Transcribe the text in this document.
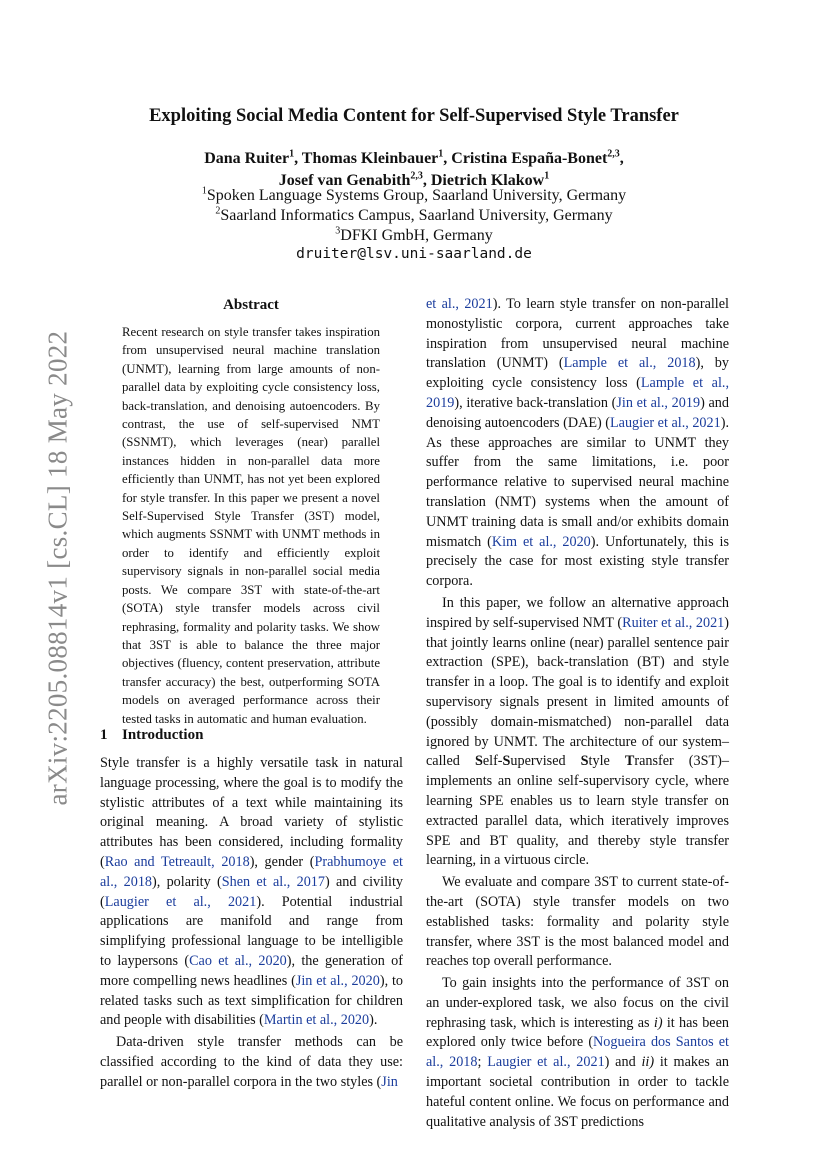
Exploiting Social Media Content for Self-Supervised Style Transfer
Dana Ruiter$^1$, Thomas Kleinbauer$^1$, Cristina España-Bonet$^{2,3}$,
Josef van Genabith$^{2,3}$, Dietrich Klakow$^1$
$^1$Spoken Language Systems Group, Saarland University, Germany
$^2$Saarland Informatics Campus, Saarland University, Germany
$^3$DFKI GmbH, Germany
druiter@lsv.uni-saarland.de
arXiv:2205.08814v1 [cs.CL] 18 May 2022
Abstract
Recent research on style transfer takes inspiration from unsupervised neural machine translation (UNMT), learning from large amounts of non-parallel data by exploiting cycle consistency loss, back-translation, and denoising autoencoders. By contrast, the use of self-supervised NMT (SSNMT), which leverages (near) parallel instances hidden in non-parallel data more efficiently than UNMT, has not yet been explored for style transfer. In this paper we present a novel Self-Supervised Style Transfer (3ST) model, which augments SSNMT with UNMT methods in order to identify and efficiently exploit supervisory signals in non-parallel social media posts. We compare 3ST with state-of-the-art (SOTA) style transfer models across civil rephrasing, formality and polarity tasks. We show that 3ST is able to balance the three major objectives (fluency, content preservation, attribute transfer accuracy) the best, outperforming SOTA models on averaged performance across their tested tasks in automatic and human evaluation.
1 Introduction

Style transfer is a highly versatile task in natural language processing, where the goal is to modify the stylistic attributes of a text while maintaining its original meaning. A broad variety of stylistic attributes has been considered, including formality (Rao and Tetreault, 2018), gender (Prabhumoye et al., 2018), polarity (Shen et al., 2017) and civility (Laugier et al., 2021). Potential industrial applications are manifold and range from simplifying professional language to be intelligible to laypersons (Cao et al., 2020), the generation of more compelling news headlines (Jin et al., 2020), to related tasks such as text simplification for children and people with disabilities (Martin et al., 2020).

Data-driven style transfer methods can be classified according to the kind of data they use: parallel or non-parallel corpora in the two styles (Jin

et al., 2021). To learn style transfer on non-parallel monostylistic corpora, current approaches take inspiration from unsupervised neural machine translation (UNMT) (Lample et al., 2018), by exploiting cycle consistency loss (Lample et al., 2019), iterative back-translation (Jin et al., 2019) and denoising autoencoders (DAE) (Laugier et al., 2021). As these approaches are similar to UNMT they suffer from the same limitations, i.e. poor performance relative to supervised neural machine translation (NMT) systems when the amount of UNMT training data is small and/or exhibits domain mismatch (Kim et al., 2020). Unfortunately, this is precisely the case for most existing style transfer corpora.

In this paper, we follow an alternative approach inspired by self-supervised NMT (Ruiter et al., 2021) that jointly learns online (near) parallel sentence pair extraction (SPE), back-translation (BT) and style transfer in a loop. The goal is to identify and exploit supervisory signals present in limited amounts of (possibly domain-mismatched) non-parallel data ignored by UNMT. The architecture of our system–called Self-Supervised Style Transfer (3ST)–implements an online self-supervisory cycle, where learning SPE enables us to learn style transfer on extracted parallel data, which iteratively improves SPE and BT quality, and thereby style transfer learning, in a virtuous circle.

We evaluate and compare 3ST to current state-of-the-art (SOTA) style transfer models on two established tasks: formality and polarity style transfer, where 3ST is the most balanced model and reaches top overall performance.

To gain insights into the performance of 3ST on an under-explored task, we also focus on the civil rephrasing task, which is interesting as i) it has been explored only twice before (Nogueira dos Santos et al., 2018; Laugier et al., 2021) and ii) it makes an important societal contribution in order to tackle hateful content online. We focus on performance and qualitative analysis of 3ST predictions
